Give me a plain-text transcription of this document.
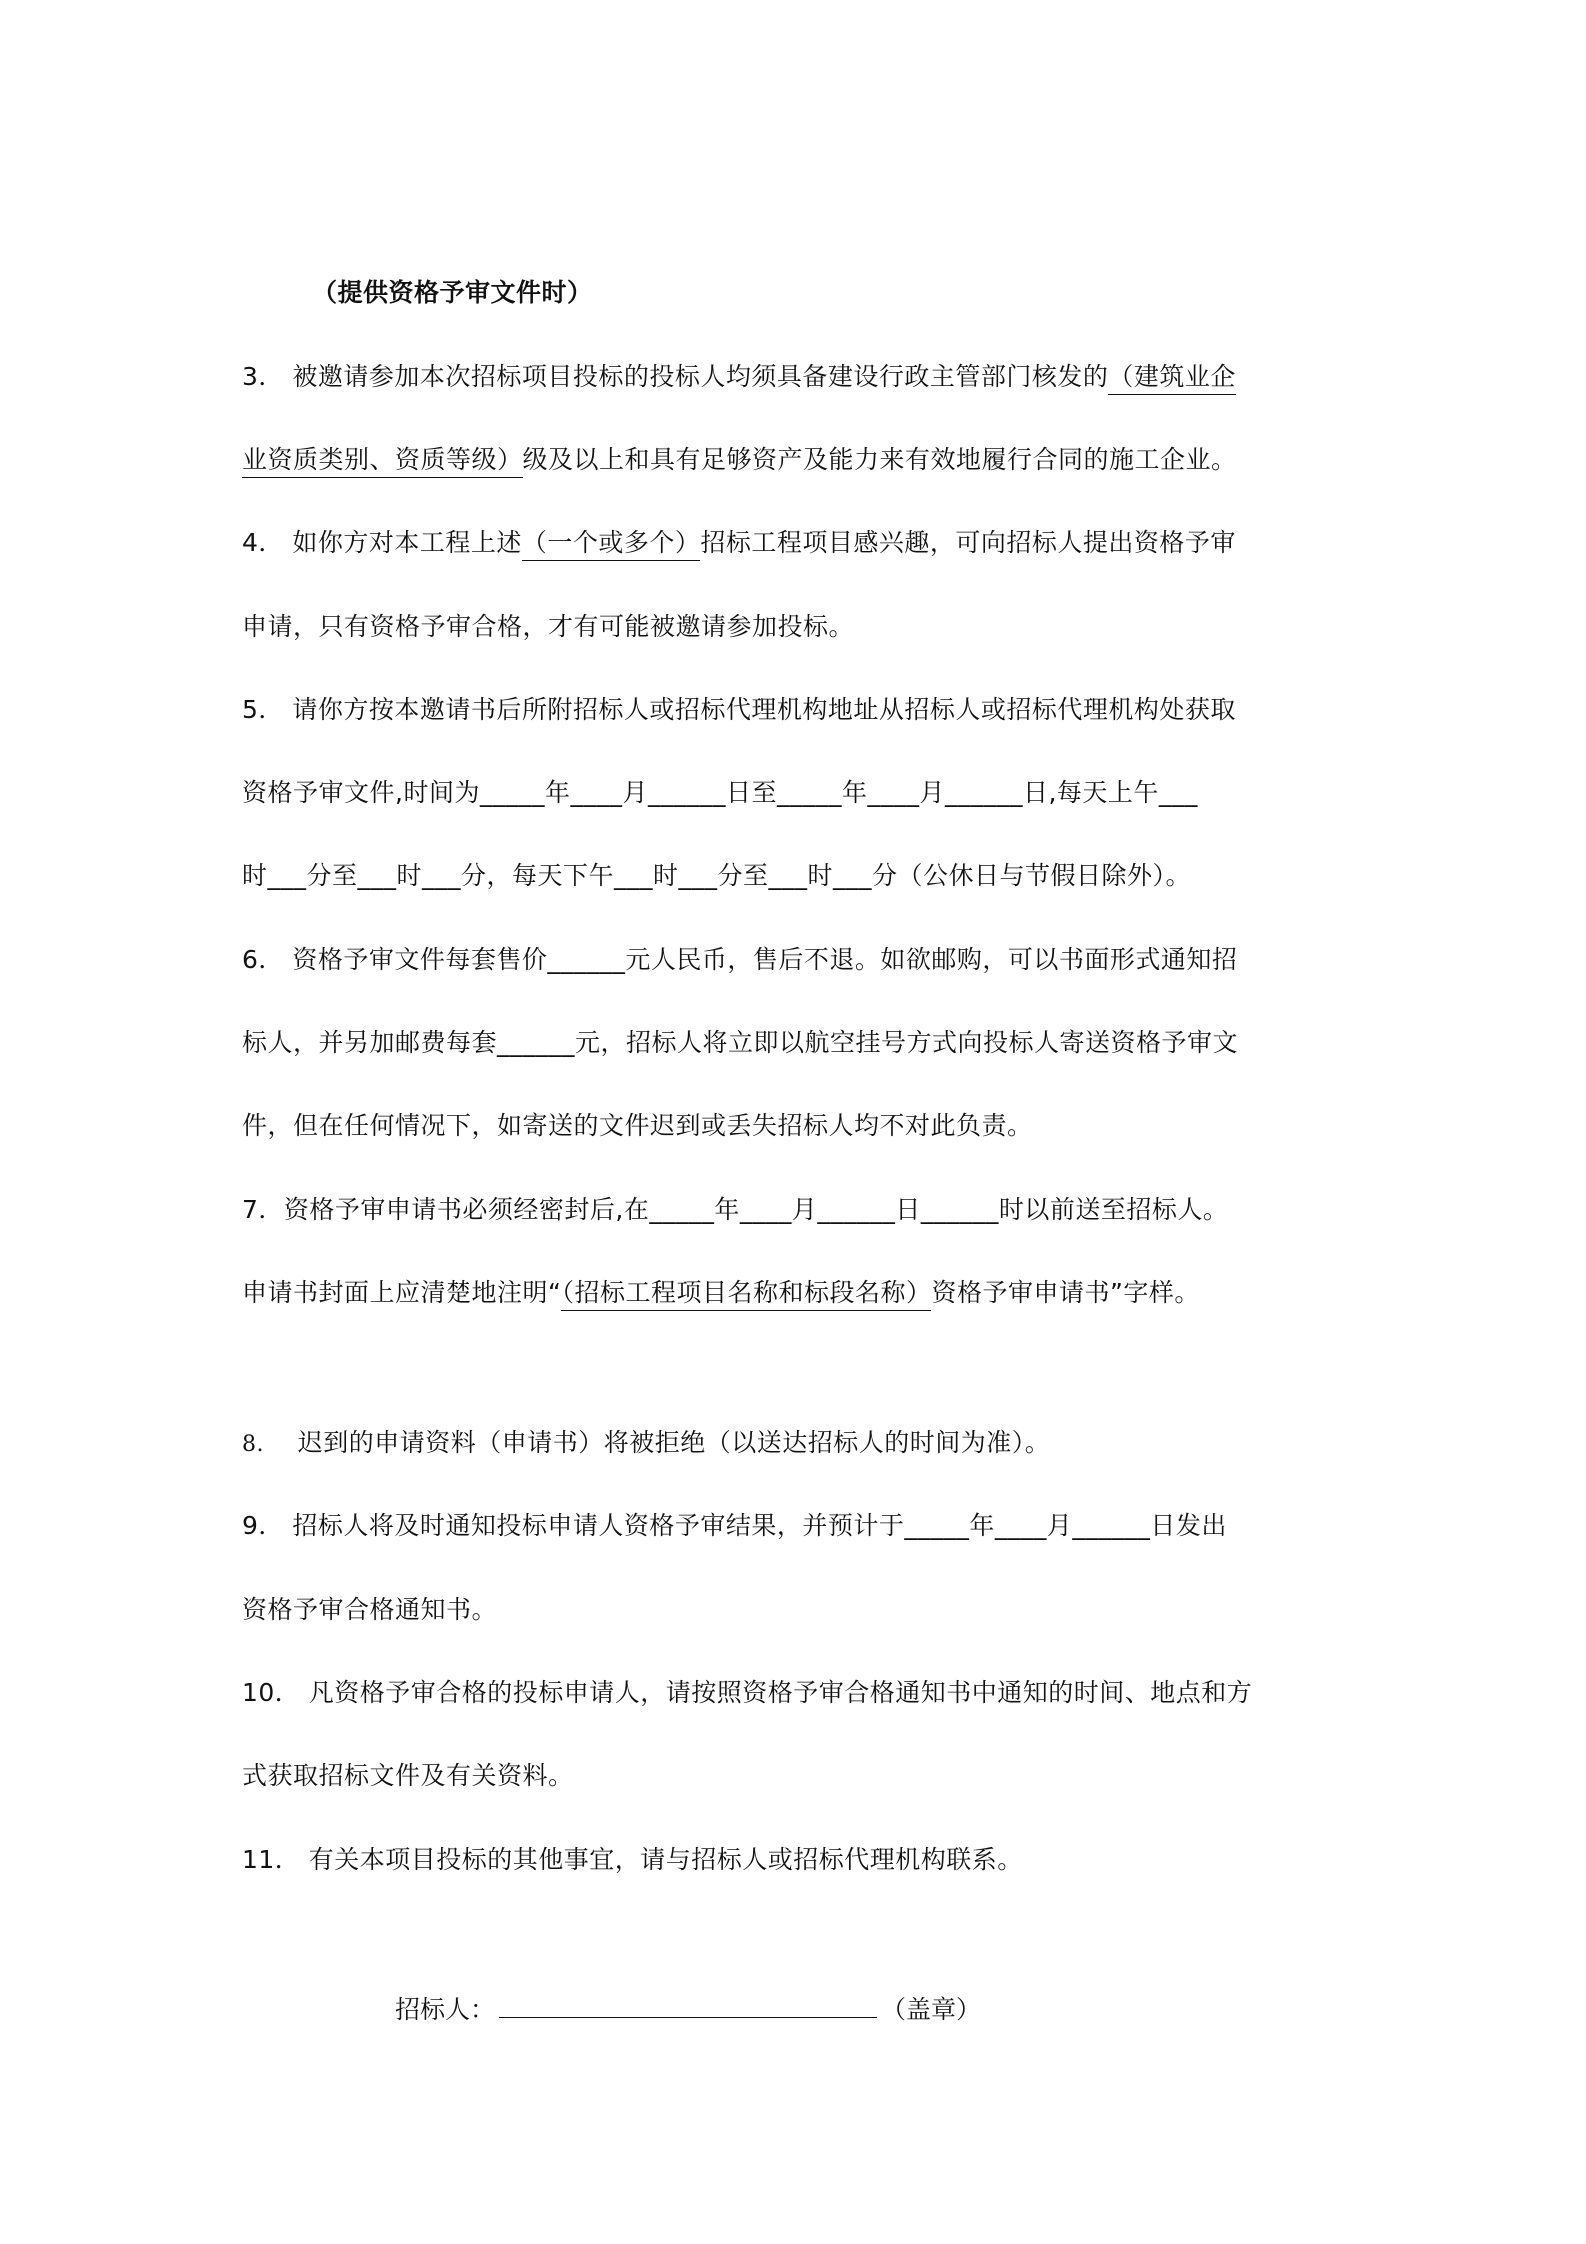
（提供资格予审文件时）
3． 被邀请参加本次招标项目投标的投标人均须具备建设行政主管部门核发的（建筑业企
业资质类别、资质等级）级及以上和具有足够资产及能力来有效地履行合同的施工企业。
4． 如你方对本工程上述（一个或多个）招标工程项目感兴趣，可向招标人提出资格予审
申请，只有资格予审合格，才有可能被邀请参加投标。
5． 请你方按本邀请书后所附招标人或招标代理机构地址从招标人或招标代理机构处获取
资格予审文件,时间为_____年____月______日至_____年____月______日,每天上午___
时___分至___时___分，每天下午___时___分至___时___分（公休日与节假日除外）。
6． 资格予审文件每套售价______元人民币，售后不退。如欲邮购，可以书面形式通知招
标人，并另加邮费每套______元，招标人将立即以航空挂号方式向投标人寄送资格予审文
件，但在任何情况下，如寄送的文件迟到或丢失招标人均不对此负责。
7．资格予审申请书必须经密封后,在_____年____月______日______时以前送至招标人。
申请书封面上应清楚地注明“（招标工程项目名称和标段名称）资格予审申请书”字样。
8.    迟到的申请资料（申请书）将被拒绝（以送达招标人的时间为准）。
9． 招标人将及时通知投标申请人资格予审结果，并预计于_____年____月______日发出
资格予审合格通知书。
10． 凡资格予审合格的投标申请人，请按照资格予审合格通知书中通知的时间、地点和方
式获取招标文件及有关资料。
11． 有关本项目投标的其他事宜，请与招标人或招标代理机构联系。
招标人：	（盖章）
